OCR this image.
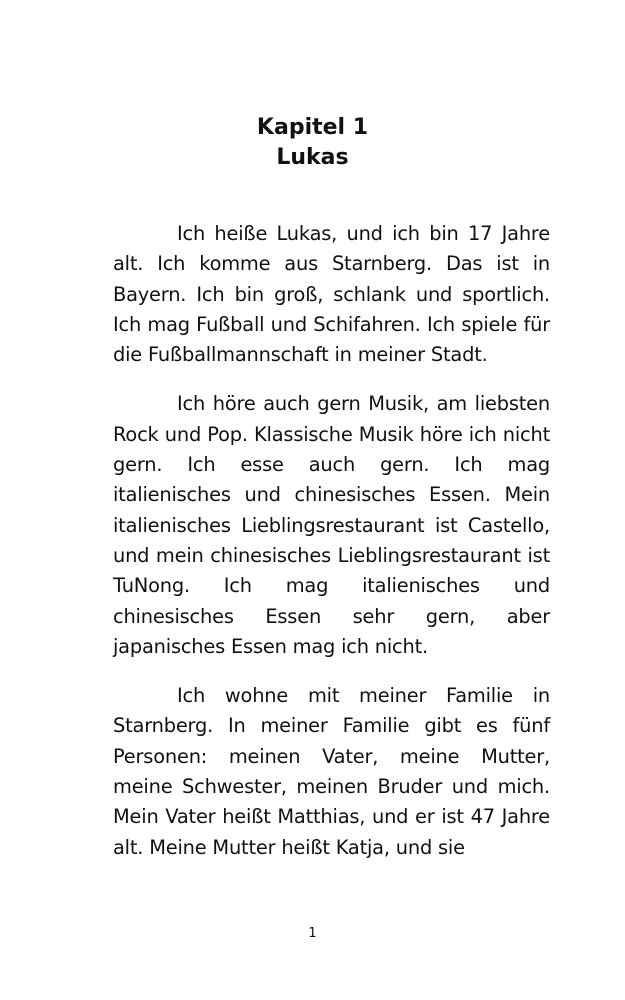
Kapitel 1
Lukas

Ich heiße Lukas, und ich bin 17 Jahre alt. Ich komme aus Starnberg. Das ist in Bayern. Ich bin groß, schlank und sportlich. Ich mag Fußball und Schifahren. Ich spiele für die Fußballmannschaft in meiner Stadt.

Ich höre auch gern Musik, am liebsten Rock und Pop. Klassische Musik höre ich nicht gern. Ich esse auch gern. Ich mag italienisches und chinesisches Essen. Mein italienisches Lieblingsrestaurant ist Castello, und mein chinesisches Lieblingsrestaurant ist TuNong. Ich mag italienisches und chinesisches Essen sehr gern, aber japanisches Essen mag ich nicht.

Ich wohne mit meiner Familie in Starnberg. In meiner Familie gibt es fünf Personen: meinen Vater, meine Mutter, meine Schwester, meinen Bruder und mich. Mein Vater heißt Matthias, und er ist 47 Jahre alt. Meine Mutter heißt Katja, und sie

1
